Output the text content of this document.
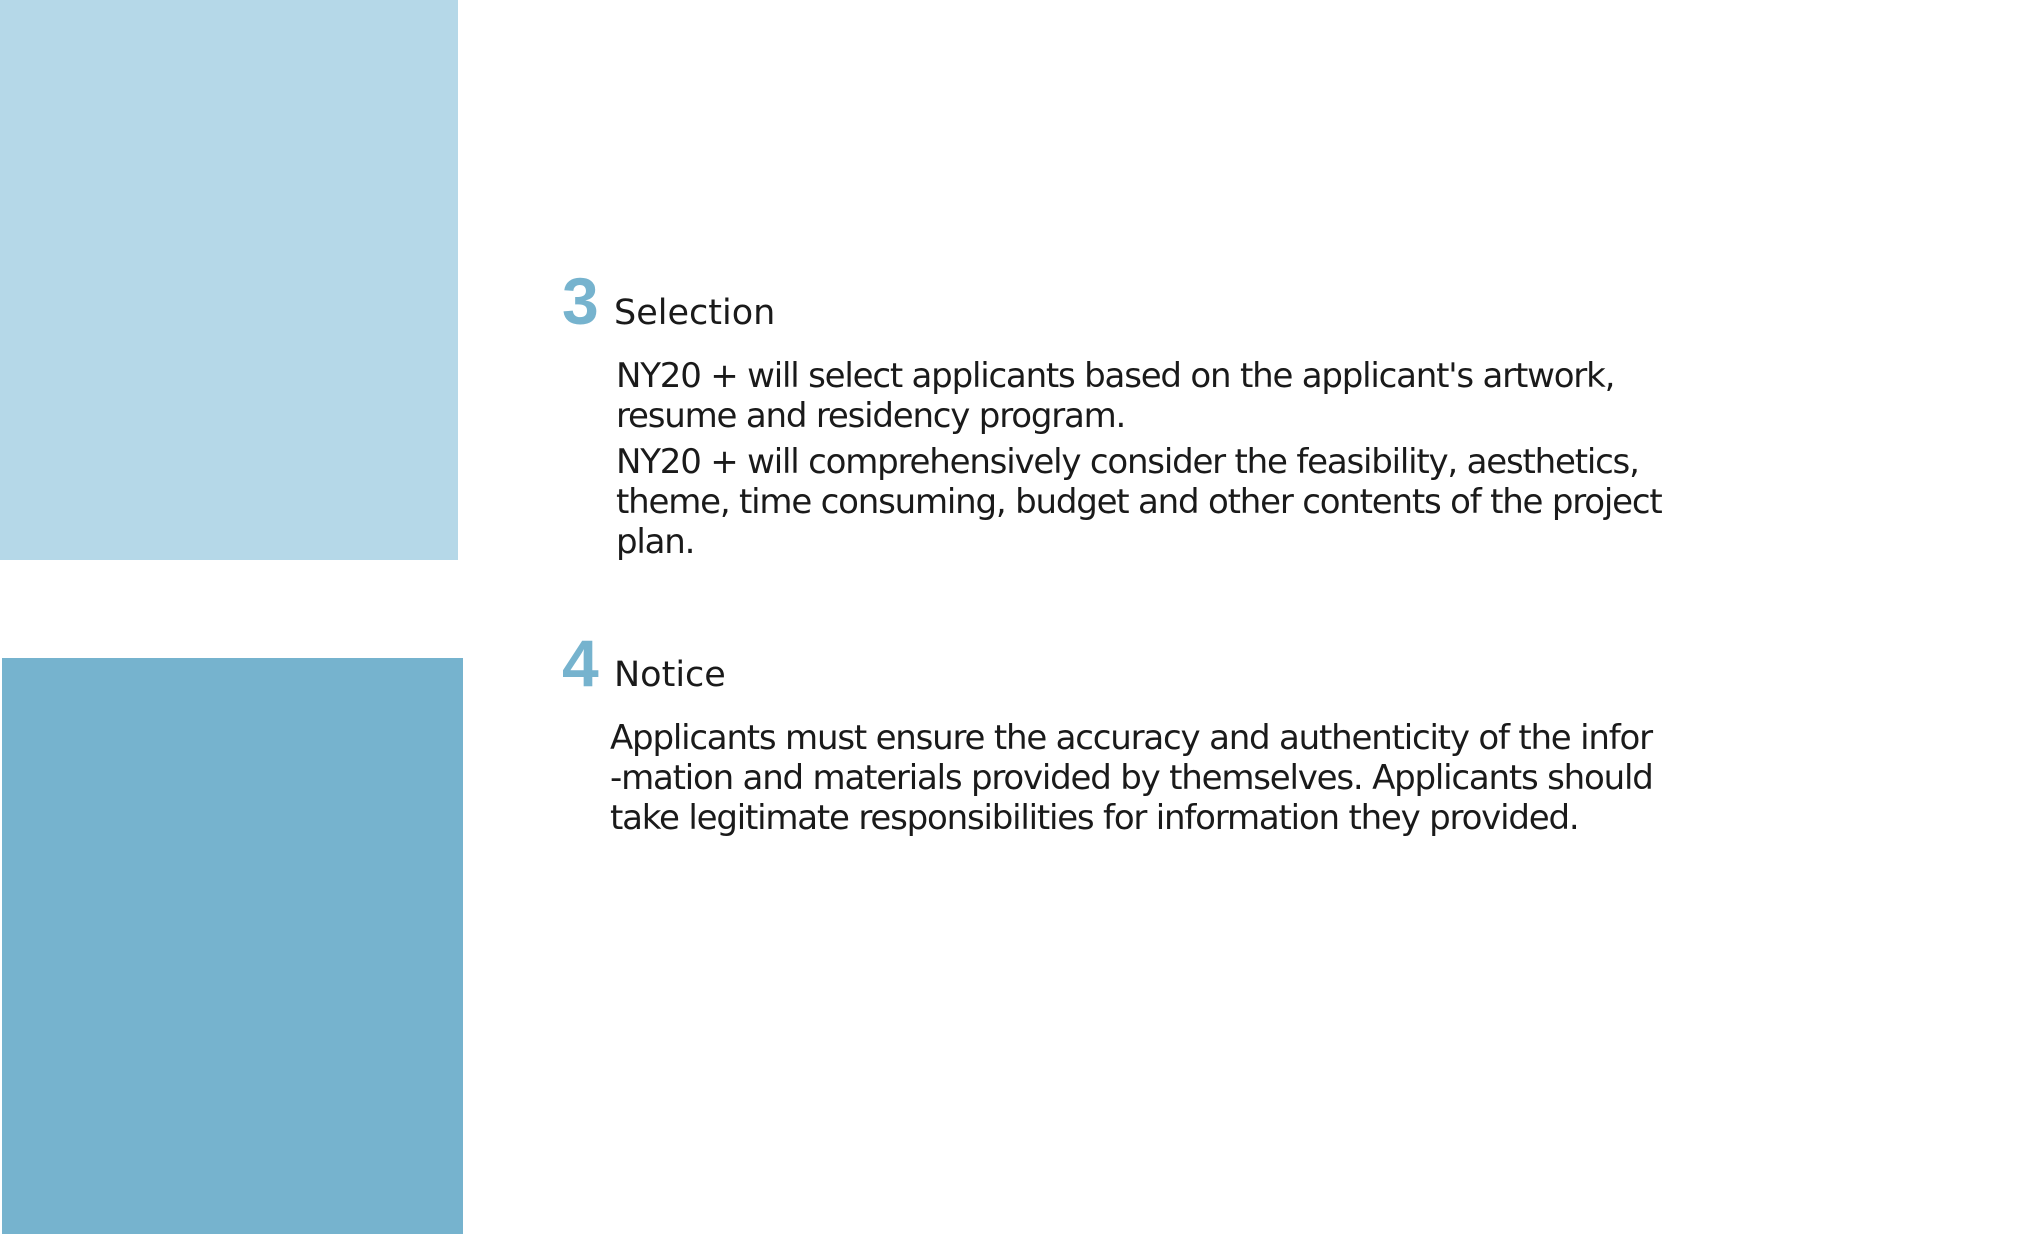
3 Selection

NY20 + will select applicants based on the applicant's artwork,
resume and residency program.

NY20 + will comprehensively consider the feasibility, aesthetics,
theme, time consuming, budget and other contents of the project
plan.

4 Notice

Applicants must ensure the accuracy and authenticity of the infor
-mation and materials provided by themselves. Applicants should
take legitimate responsibilities for information they provided.
